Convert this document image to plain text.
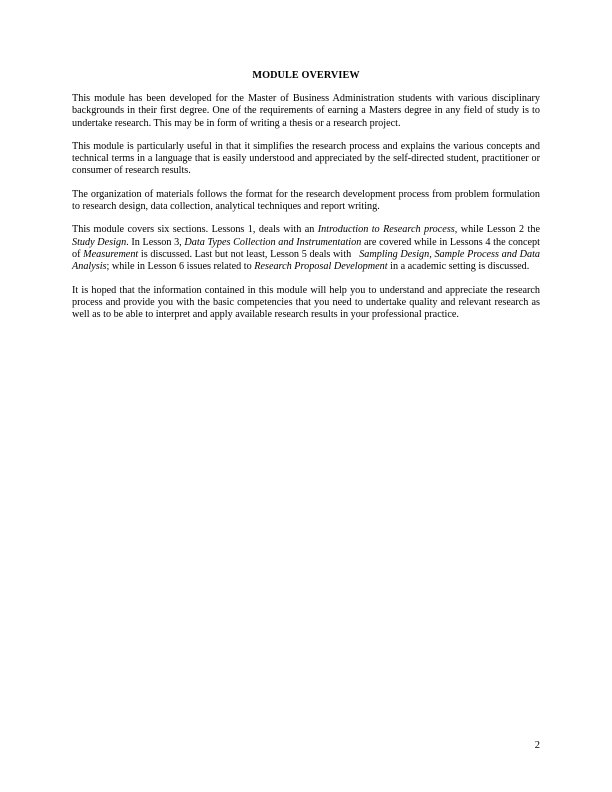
MODULE OVERVIEW

This module has been developed for the Master of Business Administration students with various disciplinary backgrounds in their first degree. One of the requirements of earning a Masters degree in any field of study is to undertake research. This may be in form of writing a thesis or a research project.

This module is particularly useful in that it simplifies the research process and explains the various concepts and technical terms in a language that is easily understood and appreciated by the self-directed student, practitioner or consumer of research results.

The organization of materials follows the format for the research development process from problem formulation to research design, data collection, analytical techniques and report writing.

This module covers six sections. Lessons 1, deals with an Introduction to Research process, while Lesson 2 the Study Design. In Lesson 3, Data Types Collection and Instrumentation are covered while in Lessons 4 the concept of Measurement is discussed. Last but not least, Lesson 5 deals with   Sampling Design, Sample Process and Data Analysis; while in Lesson 6 issues related to Research Proposal Development in a academic setting is discussed.

It is hoped that the information contained in this module will help you to understand and appreciate the research process and provide you with the basic competencies that you need to undertake quality and relevant research as well as to be able to interpret and apply available research results in your professional practice.

2
